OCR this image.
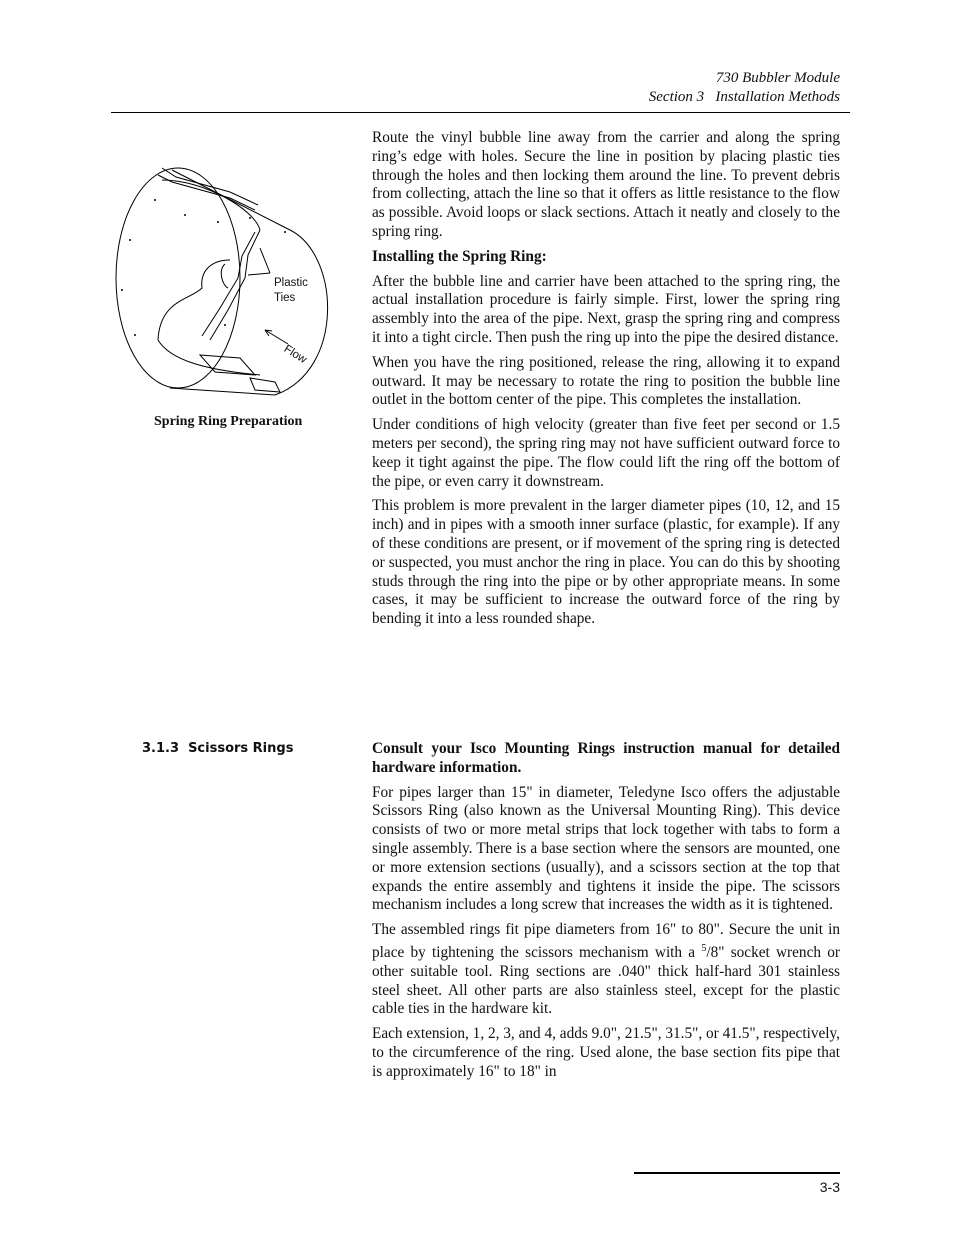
730 Bubbler Module
Section 3   Installation Methods
Plastic
Ties
Flow
Spring Ring Preparation

Route the vinyl bubble line away from the carrier and along the spring ring’s edge with holes. Secure the line in position by placing plastic ties through the holes and then locking them around the line. To prevent debris from collecting, attach the line so that it offers as little resistance to the flow as possible. Avoid loops or slack sections. Attach it neatly and closely to the spring ring.

Installing the Spring Ring:

After the bubble line and carrier have been attached to the spring ring, the actual installation procedure is fairly simple. First, lower the spring ring assembly into the area of the pipe. Next, grasp the spring ring and compress it into a tight circle. Then push the ring up into the pipe the desired distance.

When you have the ring positioned, release the ring, allowing it to expand outward. It may be necessary to rotate the ring to position the bubble line outlet in the bottom center of the pipe. This completes the installation.

Under conditions of high velocity (greater than five feet per second or 1.5 meters per second), the spring ring may not have sufficient outward force to keep it tight against the pipe. The flow could lift the ring off the bottom of the pipe, or even carry it downstream.

This problem is more prevalent in the larger diameter pipes (10, 12, and 15 inch) and in pipes with a smooth inner surface (plastic, for example). If any of these conditions are present, or if movement of the spring ring is detected or suspected, you must anchor the ring in place. You can do this by shooting studs through the ring into the pipe or by other appropriate means. In some cases, it may be sufficient to increase the outward force of the ring by bending it into a less rounded shape.

3.1.3  Scissors Rings	Consult your Isco Mounting Rings instruction manual for detailed hardware information.

For pipes larger than 15" in diameter, Teledyne Isco offers the adjustable Scissors Ring (also known as the Universal Mounting Ring). This device consists of two or more metal strips that lock together with tabs to form a single assembly. There is a base section where the sensors are mounted, one or more extension sections (usually), and a scissors section at the top that expands the entire assembly and tightens it inside the pipe. The scissors mechanism includes a long screw that increases the width as it is tightened.

The assembled rings fit pipe diameters from 16" to 80". Secure the unit in place by tightening the scissors mechanism with a $^5$/8" socket wrench or other suitable tool. Ring sections are .040" thick half-hard 301 stainless steel sheet. All other parts are also stainless steel, except for the plastic cable ties in the hardware kit.

Each extension, 1, 2, 3, and 4, adds 9.0", 21.5", 31.5", or 41.5", respectively, to the circumference of the ring. Used alone, the base section fits pipe that is approximately 16" to 18" in

3-3
